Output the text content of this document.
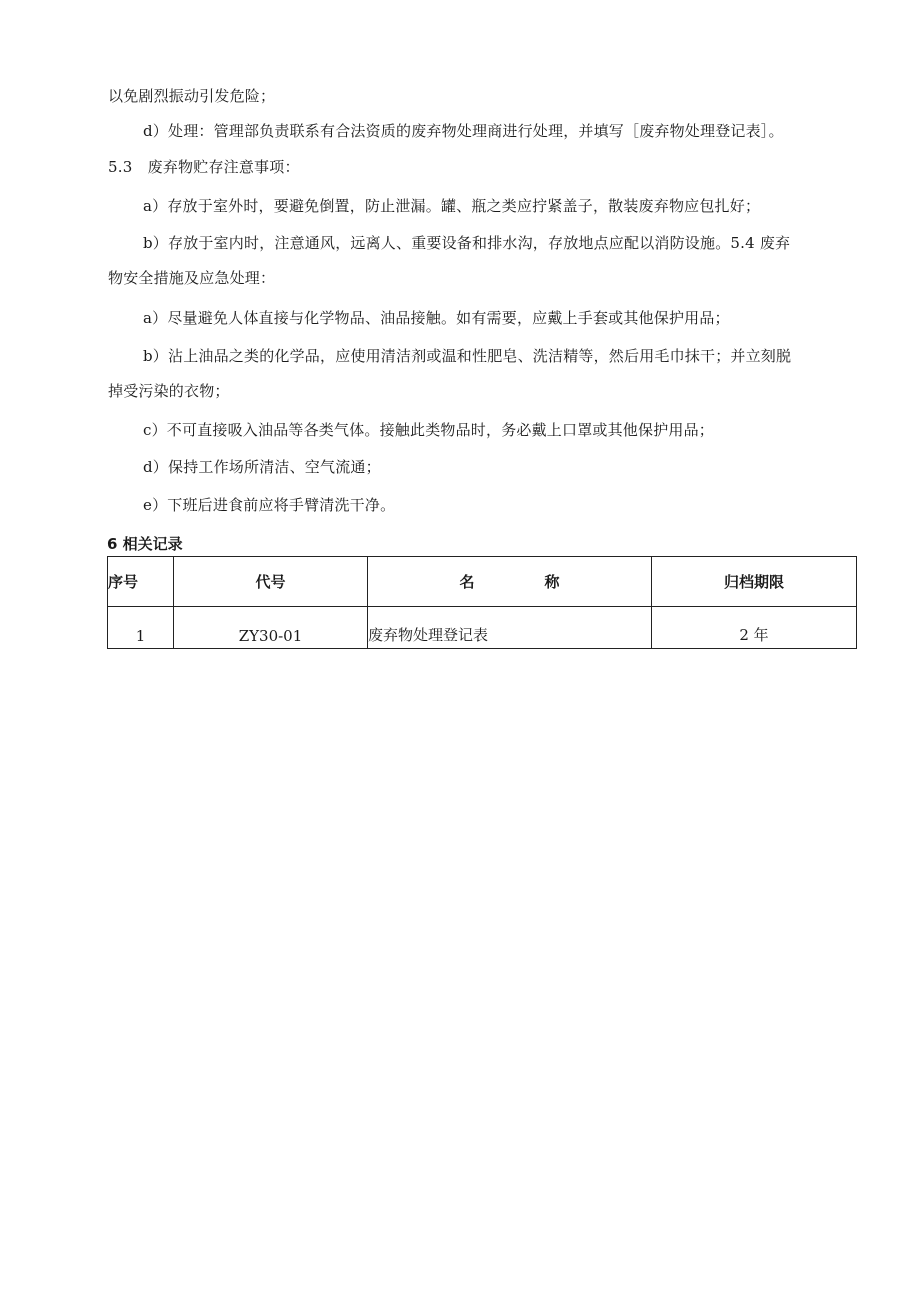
以免剧烈振动引发危险；
d）处理：管理部负责联系有合法资质的废弃物处理商进行处理，并填写［废弃物处理登记表］。
5.3　废弃物贮存注意事项：
a）存放于室外时，要避免倒置，防止泄漏。罐、瓶之类应拧紧盖子，散装废弃物应包扎好；
b）存放于室内时，注意通风，远离人、重要设备和排水沟，存放地点应配以消防设施。5.4 废弃
物安全措施及应急处理：
a）尽量避免人体直接与化学物品、油品接触。如有需要，应戴上手套或其他保护用品；
b）沾上油品之类的化学品，应使用清洁剂或温和性肥皂、洗洁精等，然后用毛巾抹干；并立刻脱
掉受污染的衣物；
c）不可直接吸入油品等各类气体。接触此类物品时，务必戴上口罩或其他保护用品；
d）保持工作场所清洁、空气流通；
e）下班后进食前应将手臂清洗干净。
6 相关记录
序号	代号	名 称	归档期限
1	ZY30-01	废弃物处理登记表	2 年
